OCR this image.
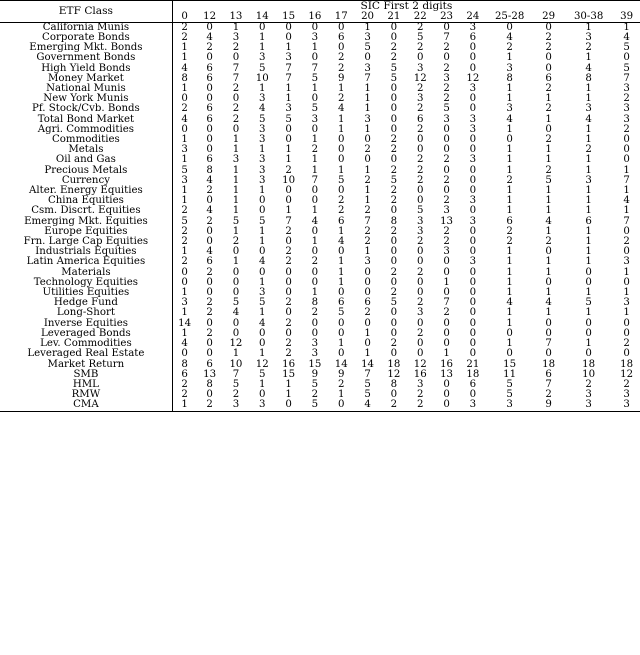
ETF Class	SIC First 2 digits															
	0	12	13	14	15	16	17	20	21	22	23	24	25-28	29	30-38	39
California Munis	2	0	1	0	0	0	0	1	0	2	0	3	0	0	1	1
Corporate Bonds	2	4	3	1	0	3	6	3	0	5	7	6	4	2	3	4
Emerging Mkt. Bonds	1	2	2	1	1	1	0	5	2	2	2	0	2	2	2	5
Government Bonds	1	0	0	3	3	0	2	0	2	0	0	0	1	0	1	0
High Yield Bonds	4	6	7	5	7	7	2	3	5	3	2	0	3	0	4	5
Money Market	8	6	7	10	7	5	9	7	5	12	3	12	8	6	8	7
National Munis	1	0	2	1	1	1	1	1	0	2	2	3	1	2	1	3
New York Munis	0	0	0	3	1	0	2	1	0	3	2	0	1	1	1	2
Pf. Stock/Cvb. Bonds	2	6	2	4	3	5	4	1	0	2	5	0	3	2	3	3
Total Bond Market	4	6	2	5	5	3	1	3	0	6	3	3	4	1	4	3
Agri. Commodities	0	0	0	3	0	0	1	1	0	2	0	3	1	0	1	2
Commodities	1	0	1	3	0	1	0	0	2	0	0	0	0	2	1	0
Metals	3	0	1	1	1	2	0	2	2	0	0	0	1	1	2	0
Oil and Gas	1	6	3	3	1	1	0	0	0	2	2	3	1	1	1	0
Precious Metals	5	8	1	3	2	1	1	1	2	2	0	0	1	2	1	1
Currency	3	4	1	3	10	7	5	2	5	2	2	0	2	5	3	7
Alter. Energy Equities	1	2	1	1	0	0	0	1	2	0	0	0	1	1	1	1
China Equities	1	0	1	0	0	0	2	1	2	0	2	3	1	1	1	4
Csm. Discrt. Equities	2	4	1	0	1	1	2	2	0	5	3	0	1	1	1	1
Emerging Mkt. Equities	5	2	5	5	7	4	6	7	8	3	13	3	6	4	6	7
Europe Equities	2	0	1	1	2	0	1	2	2	3	2	0	2	1	1	0
Frn. Large Cap Equities	2	0	2	1	0	1	4	2	0	2	2	0	2	2	1	2
Industrials Equities	1	4	0	0	2	0	0	1	0	0	3	0	1	0	1	0
Latin America Equities	2	6	1	4	2	2	1	3	0	0	0	3	1	1	1	3
Materials	0	2	0	0	0	0	1	0	2	2	0	0	1	1	0	1
Technology Equities	0	0	0	1	0	0	1	0	0	0	1	0	1	0	0	0
Utilities Equities	1	0	0	3	0	1	0	0	2	0	0	0	1	1	1	1
Hedge Fund	3	2	5	5	2	8	6	6	5	2	7	0	4	4	5	3
Long-Short	1	2	4	1	0	2	5	2	0	3	2	0	1	1	1	1
Inverse Equities	14	0	0	4	2	0	0	0	0	0	0	0	1	0	0	0
Leveraged Bonds	1	2	0	0	0	0	0	1	0	2	0	0	0	0	0	0
Lev. Commodities	4	0	12	0	2	3	1	0	2	0	0	0	1	7	1	2
Leveraged Real Estate	0	0	1	1	2	3	0	1	0	0	1	0	0	0	0	0
Market Return	8	6	10	12	16	15	14	14	18	12	16	21	15	18	18	18
SMB	6	13	7	5	15	9	9	7	12	16	13	18	11	6	10	12
HML	2	8	5	1	1	5	2	5	8	3	0	6	5	7	2	2
RMW	2	0	2	0	1	2	1	5	0	2	0	0	5	2	3	3
CMA	1	2	3	3	0	5	0	4	2	2	0	3	3	9	3	3
